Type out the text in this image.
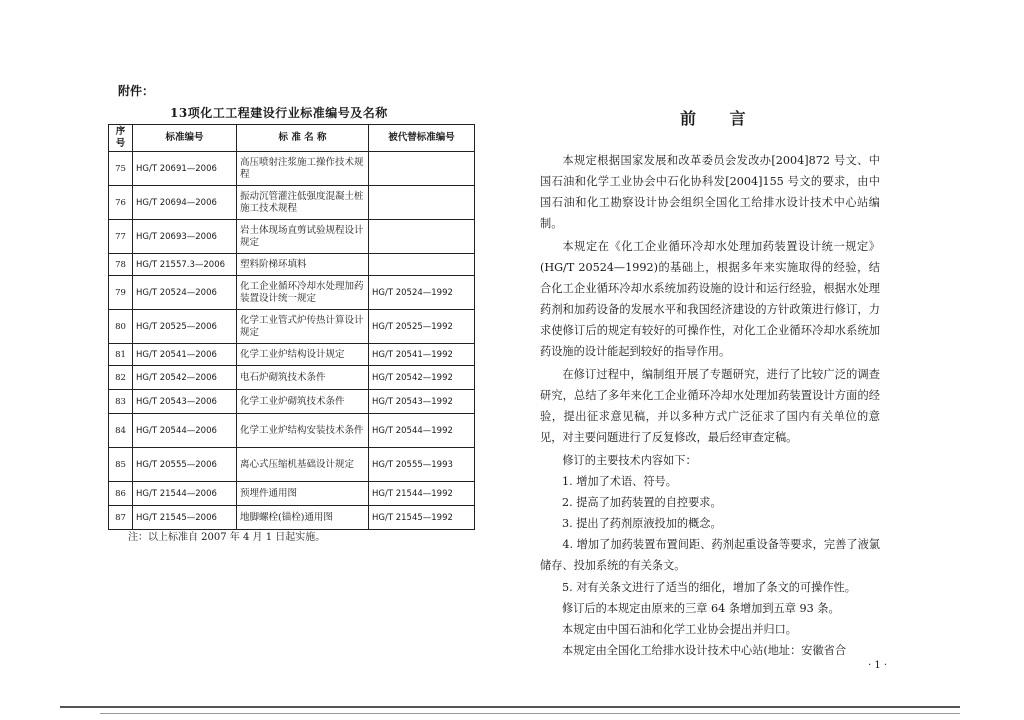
附件：
13项化工工程建设行业标准编号及名称
序号	标准编号	标 准 名 称	被代替标准编号
75	HG/T 20691—2006	高压喷射注浆施工操作技术规程	
76	HG/T 20694—2006	振动沉管灌注低强度混凝土桩施工技术规程	
77	HG/T 20693—2006	岩土体现场直剪试验规程设计规定	
78	HG/T 21557.3—2006	塑料阶梯环填料	
79	HG/T 20524—2006	化工企业循环冷却水处理加药装置设计统一规定	HG/T 20524—1992
80	HG/T 20525—2006	化学工业管式炉传热计算设计规定	HG/T 20525—1992
81	HG/T 20541—2006	化学工业炉结构设计规定	HG/T 20541—1992
82	HG/T 20542—2006	电石炉砌筑技术条件	HG/T 20542—1992
83	HG/T 20543—2006	化学工业炉砌筑技术条件	HG/T 20543—1992
84	HG/T 20544—2006	化学工业炉结构安装技术条件	HG/T 20544—1992
85	HG/T 20555—2006	离心式压缩机基础设计规定	HG/T 20555—1993
86	HG/T 21544—2006	预埋件通用图	HG/T 21544—1992
87	HG/T 21545—2006	地脚螺栓(锚栓)通用图	HG/T 21545—1992
注：以上标准自 2007 年 4 月 1 日起实施。
前 言

本规定根据国家发展和改革委员会发改办[2004]872 号文、中国石油和化学工业协会中石化协科发[2004]155 号文的要求，由中国石油和化工勘察设计协会组织全国化工给排水设计技术中心站编制。

本规定在《化工企业循环冷却水处理加药装置设计统一规定》(HG/T 20524—1992)的基础上，根据多年来实施取得的经验，结合化工企业循环冷却水系统加药设施的设计和运行经验，根据水处理药剂和加药设备的发展水平和我国经济建设的方针政策进行修订，力求使修订后的规定有较好的可操作性，对化工企业循环冷却水系统加药设施的设计能起到较好的指导作用。

在修订过程中，编制组开展了专题研究，进行了比较广泛的调查研究，总结了多年来化工企业循环冷却水处理加药装置设计方面的经验，提出征求意见稿，并以多种方式广泛征求了国内有关单位的意见，对主要问题进行了反复修改，最后经审查定稿。

修订的主要技术内容如下：

1. 增加了术语、符号。

2. 提高了加药装置的自控要求。

3. 提出了药剂原液投加的概念。

4. 增加了加药装置布置间距、药剂起重设备等要求，完善了液氯储存、投加系统的有关条文。

5. 对有关条文进行了适当的细化，增加了条文的可操作性。

修订后的本规定由原来的三章 64 条增加到五章 93 条。

本规定由中国石油和化学工业协会提出并归口。

本规定由全国化工给排水设计技术中心站(地址：安徽省合

· 1 ·
